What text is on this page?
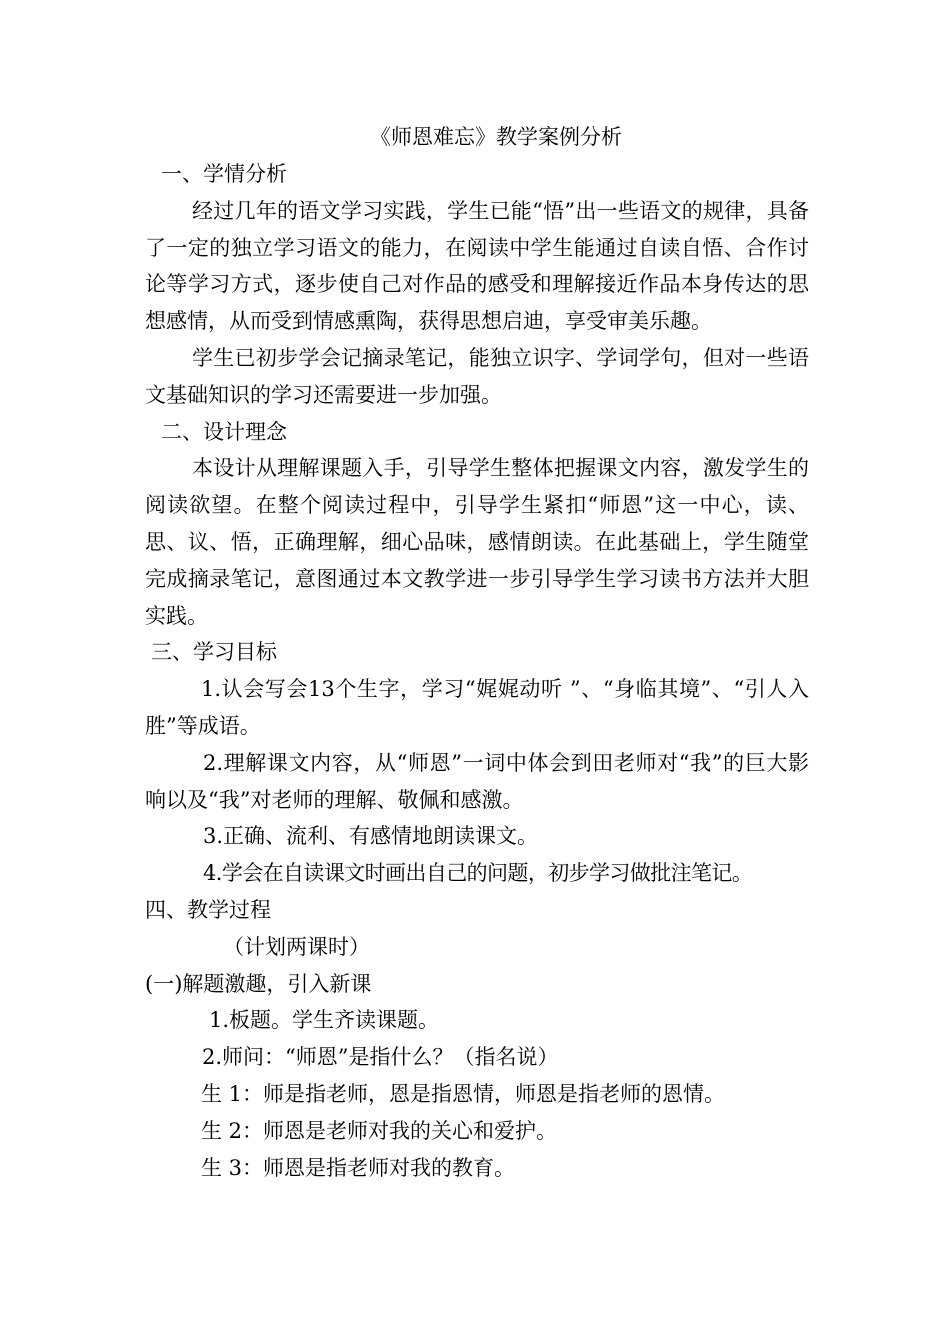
《师恩难忘》教学案例分析

一、学情分析

经过几年的语文学习实践，学生已能“悟”出一些语文的规律，具备了一定的独立学习语文的能力，在阅读中学生能通过自读自悟、合作讨论等学习方式，逐步使自己对作品的感受和理解接近作品本身传达的思想感情，从而受到情感熏陶，获得思想启迪，享受审美乐趣。

学生已初步学会记摘录笔记，能独立识字、学词学句，但对一些语文基础知识的学习还需要进一步加强。

二、设计理念

本设计从理解课题入手，引导学生整体把握课文内容，激发学生的阅读欲望。在整个阅读过程中，引导学生紧扣“师恩”这一中心，读、思、议、悟，正确理解，细心品味，感情朗读。在此基础上，学生随堂完成摘录笔记，意图通过本文教学进一步引导学生学习读书方法并大胆实践。

三、学习目标

1.认会写会13个生字，学习“娓娓动听 ”、“身临其境”、“引人入胜”等成语。

2.理解课文内容，从“师恩”一词中体会到田老师对“我”的巨大影响以及“我”对老师的理解、敬佩和感激。

3.正确、流利、有感情地朗读课文。

4.学会在自读课文时画出自己的问题，初步学习做批注笔记。

四、教学过程

（计划两课时）

(一)解题激趣，引入新课

1.板题。学生齐读课题。

2.师问：“师恩”是指什么？（指名说）

生 1：师是指老师，恩是指恩情，师恩是指老师的恩情。

生 2：师恩是老师对我的关心和爱护。

生 3：师恩是指老师对我的教育。
